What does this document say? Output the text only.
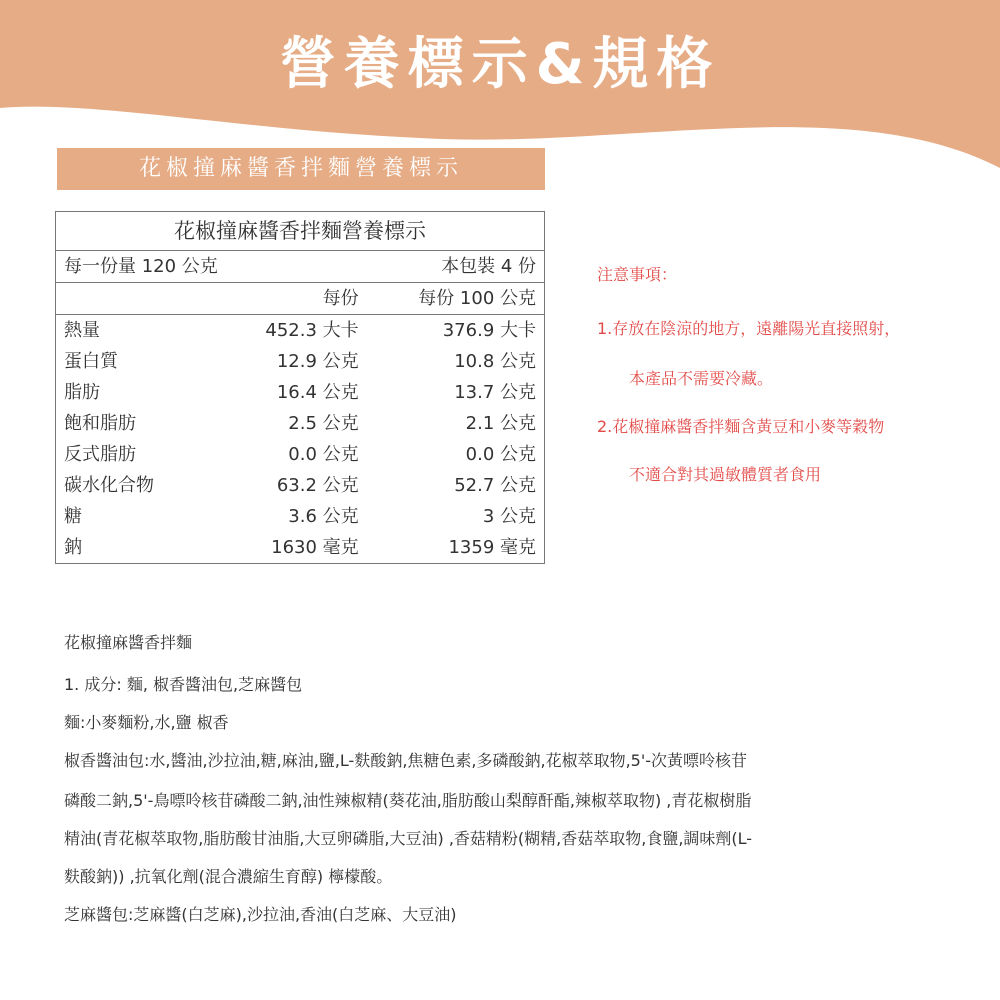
營養標示&規格
花椒撞麻醬香拌麵營養標示
花椒撞麻醬香拌麵營養標示		
每一份量 120 公克		本包裝 4 份
	每份	每份 100 公克
熱量	452.3 大卡	376.9 大卡
蛋白質	12.9 公克	10.8 公克
脂肪	16.4 公克	13.7 公克
飽和脂肪	2.5 公克	2.1 公克
反式脂肪	0.0 公克	0.0 公克
碳水化合物	63.2 公克	52.7 公克
糖	3.6 公克	3 公克
鈉	1630 毫克	1359 毫克
注意事項：
1.存放在陰涼的地方，遠離陽光直接照射，
本產品不需要冷藏。
2.花椒撞麻醬香拌麵含黃豆和小麥等穀物
不適合對其過敏體質者食用
花椒撞麻醬香拌麵
1. 成分: 麵, 椒香醬油包,芝麻醬包
麵:小麥麵粉,水,鹽 椒香
椒香醬油包:水,醬油,沙拉油,糖,麻油,鹽,L-麩酸鈉,焦糖色素,多磷酸鈉,花椒萃取物,5'-次黃嘌呤核苷
磷酸二鈉,5'-鳥嘌呤核苷磷酸二鈉,油性辣椒精(葵花油,脂肪酸山梨醇酐酯,辣椒萃取物) ,青花椒樹脂
精油(青花椒萃取物,脂肪酸甘油脂,大豆卵磷脂,大豆油) ,香菇精粉(糊精,香菇萃取物,食鹽,調味劑(L-
麩酸鈉)) ,抗氧化劑(混合濃縮生育醇) 檸檬酸。
芝麻醬包:芝麻醬(白芝麻),沙拉油,香油(白芝麻、大豆油)
